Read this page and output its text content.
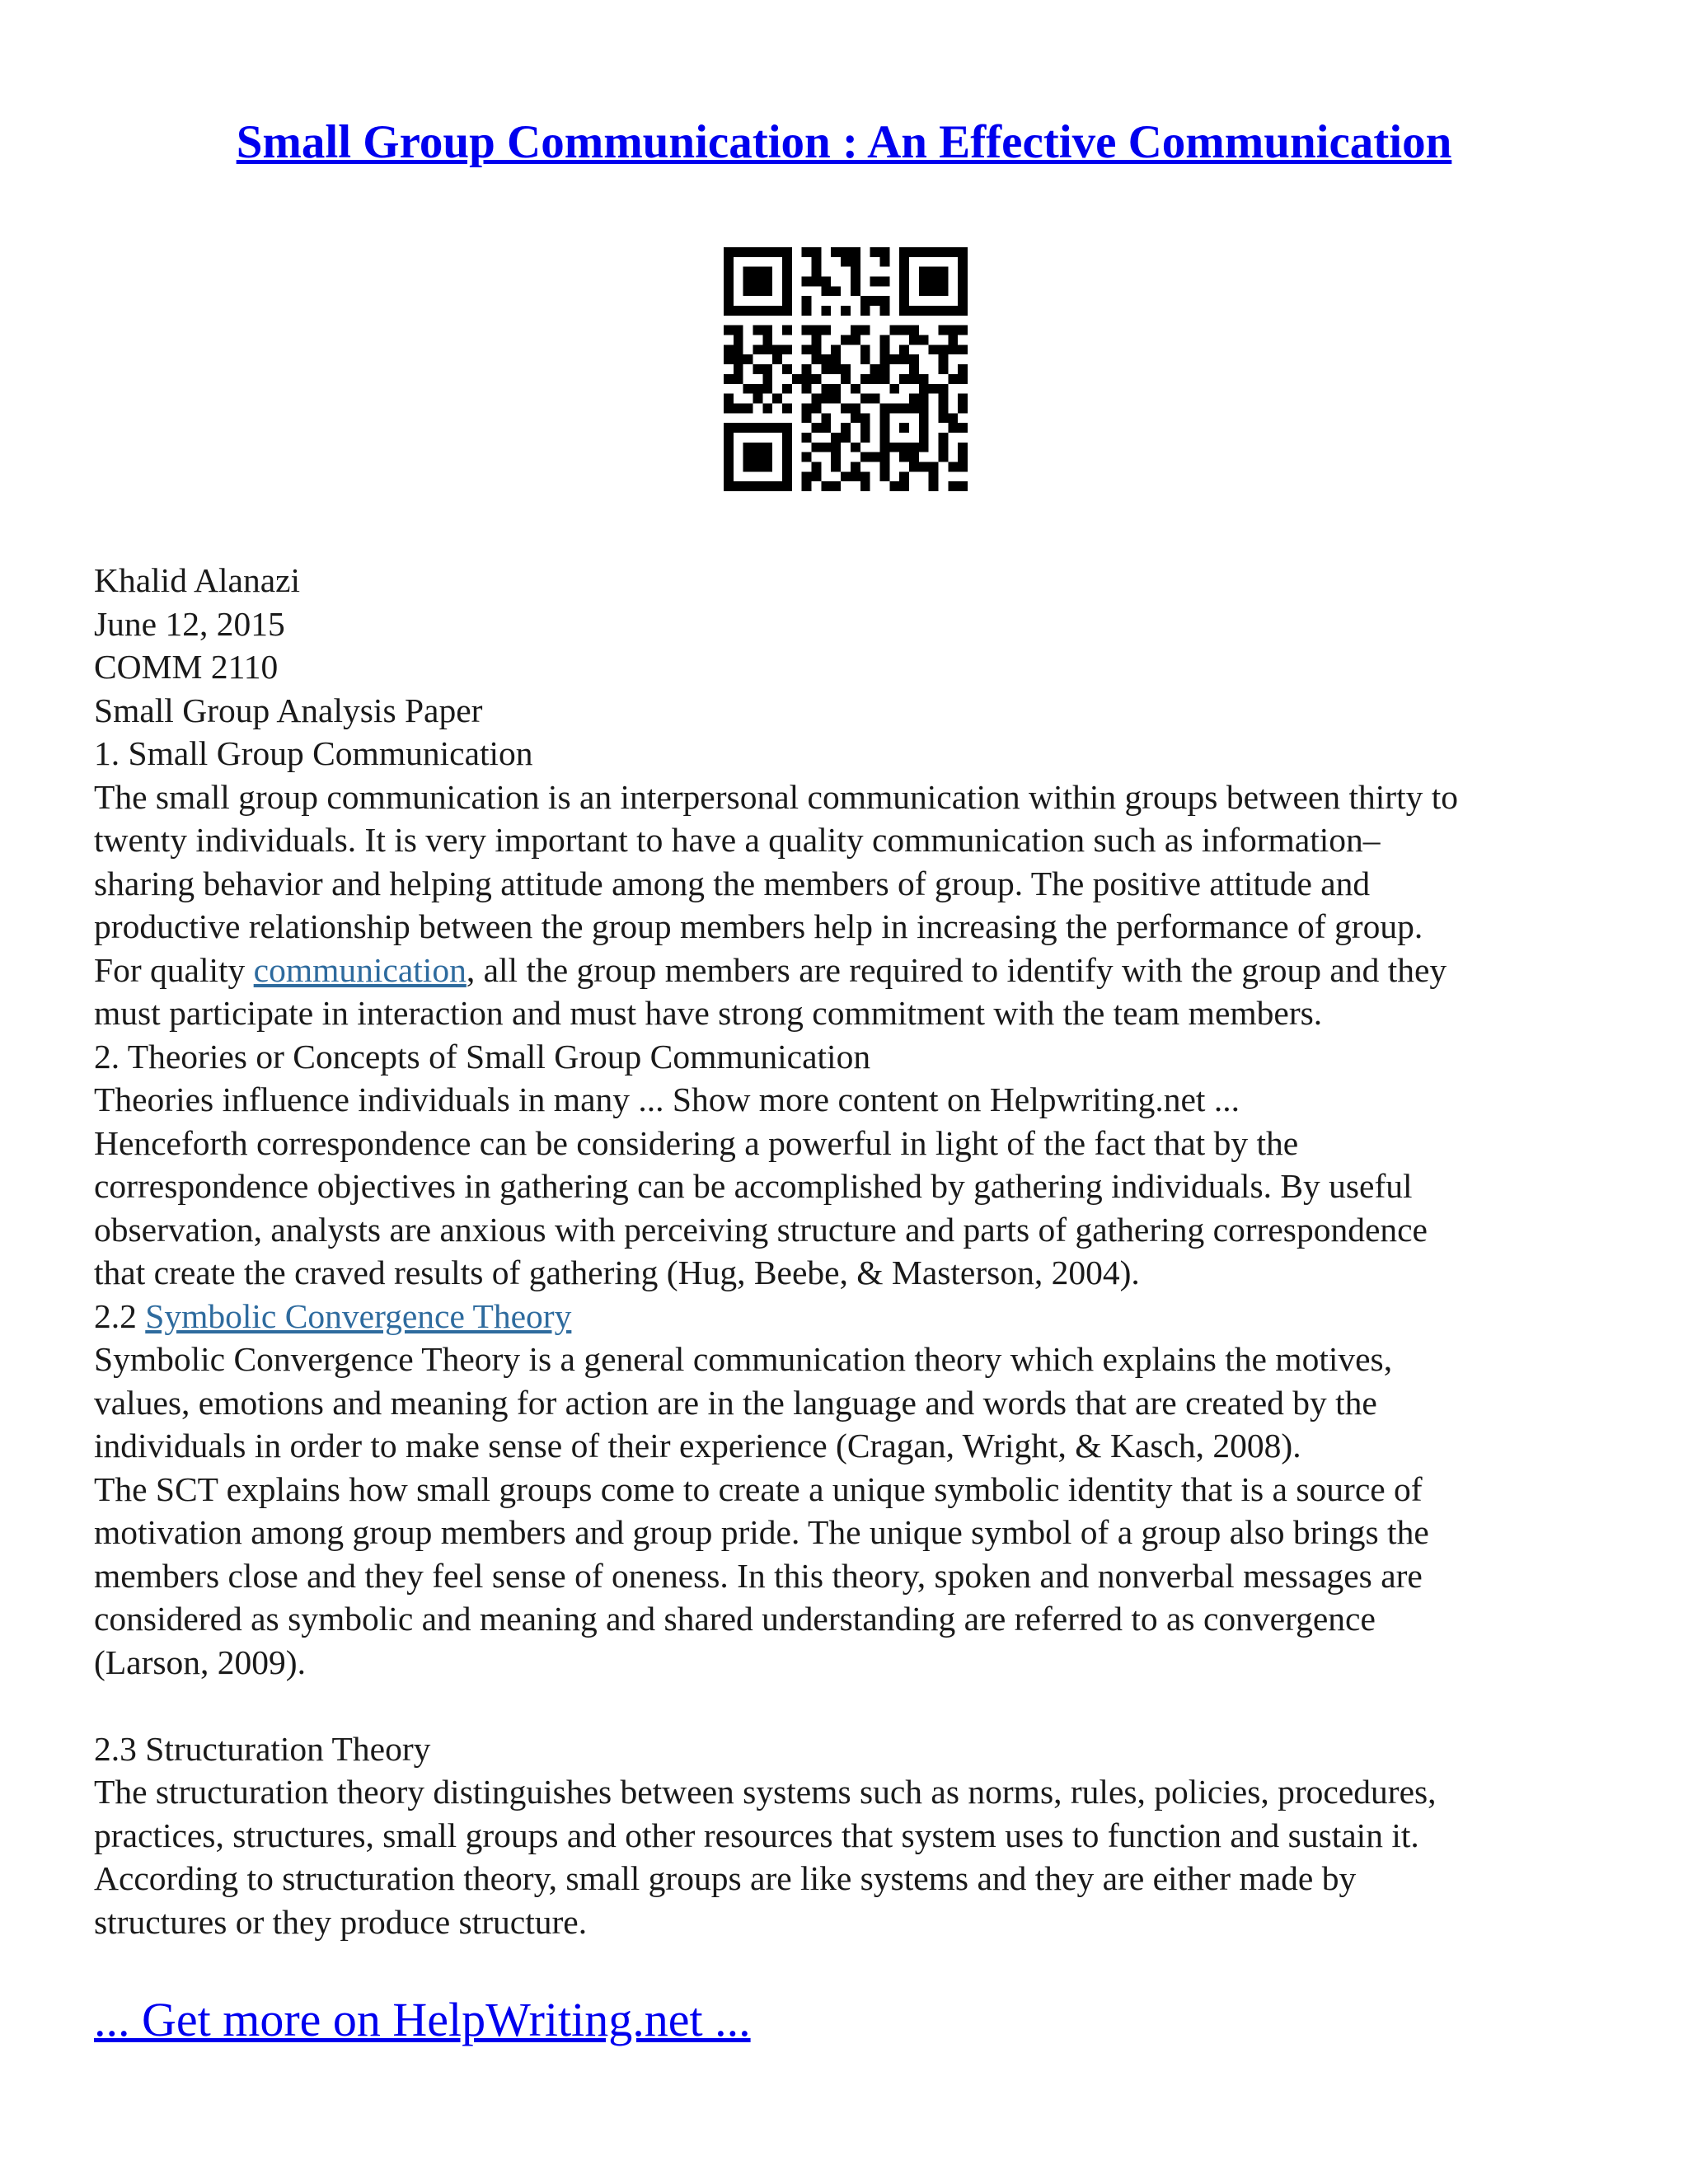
Small Group Communication : An Effective Communication
Khalid Alanazi
June 12, 2015
COMM 2110
Small Group Analysis Paper
1. Small Group Communication
The small group communication is an interpersonal communication within groups between thirty to
twenty individuals. It is very important to have a quality communication such as information–
sharing behavior and helping attitude among the members of group. The positive attitude and
productive relationship between the group members help in increasing the performance of group.
For quality communication, all the group members are required to identify with the group and they
must participate in interaction and must have strong commitment with the team members.
2. Theories or Concepts of Small Group Communication
Theories influence individuals in many ... Show more content on Helpwriting.net ...
Henceforth correspondence can be considering a powerful in light of the fact that by the
correspondence objectives in gathering can be accomplished by gathering individuals. By useful
observation, analysts are anxious with perceiving structure and parts of gathering correspondence
that create the craved results of gathering (Hug, Beebe, & Masterson, 2004).
2.2 Symbolic Convergence Theory
Symbolic Convergence Theory is a general communication theory which explains the motives,
values, emotions and meaning for action are in the language and words that are created by the
individuals in order to make sense of their experience (Cragan, Wright, & Kasch, 2008).
The SCT explains how small groups come to create a unique symbolic identity that is a source of
motivation among group members and group pride. The unique symbol of a group also brings the
members close and they feel sense of oneness. In this theory, spoken and nonverbal messages are
considered as symbolic and meaning and shared understanding are referred to as convergence
(Larson, 2009).
2.3 Structuration Theory
The structuration theory distinguishes between systems such as norms, rules, policies, procedures,
practices, structures, small groups and other resources that system uses to function and sustain it.
According to structuration theory, small groups are like systems and they are either made by
structures or they produce structure.
... Get more on HelpWriting.net ...
